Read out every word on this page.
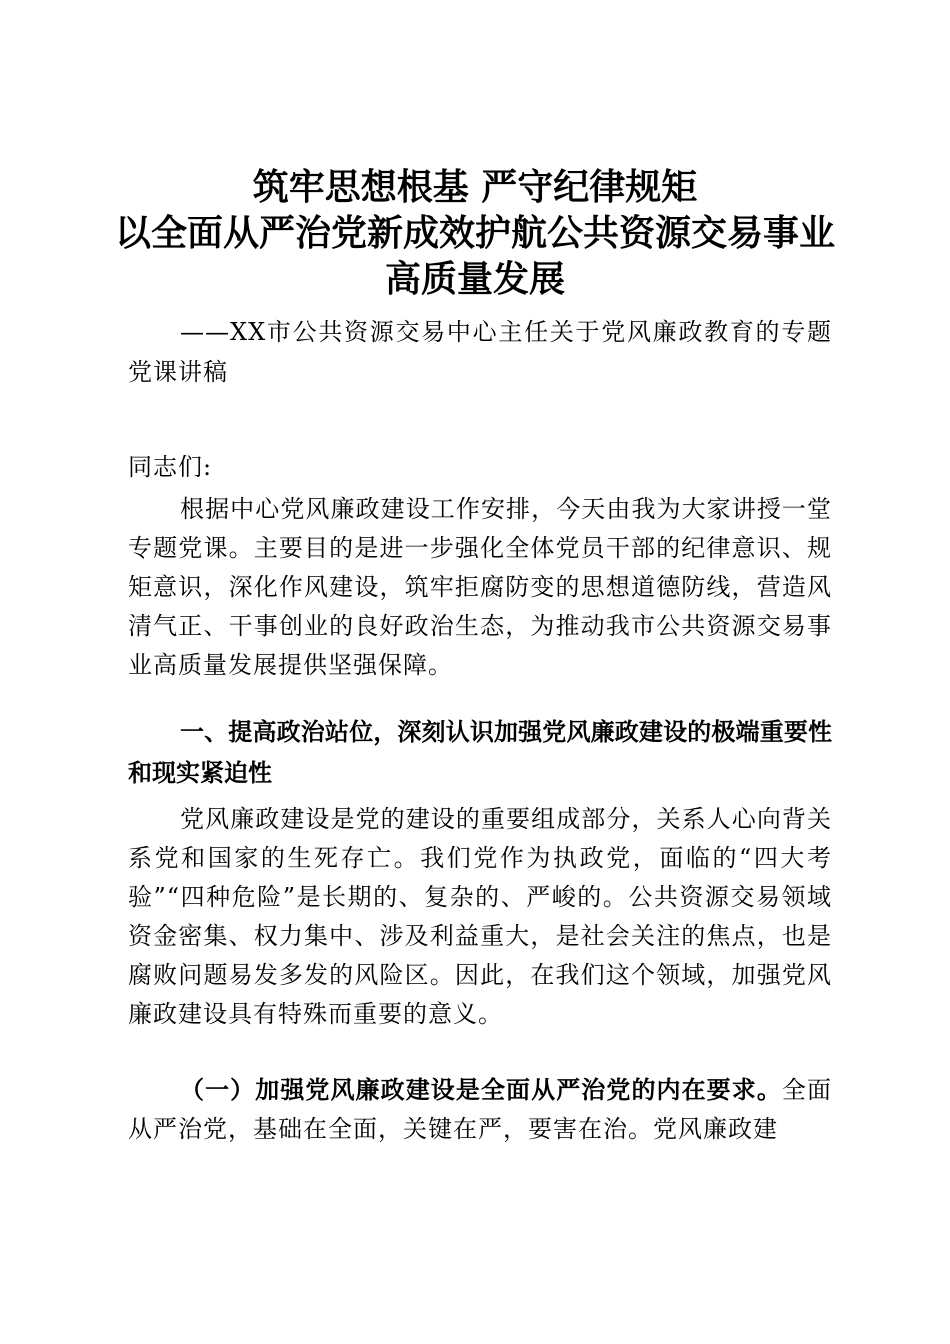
筑牢思想根基 严守纪律规矩
以全面从严治党新成效护航公共资源交易事业
高质量发展
——XX市公共资源交易中心主任关于党风廉政教育的专题党课讲稿
同志们:
根据中心党风廉政建设工作安排，今天由我为大家讲授一堂专题党课。主要目的是进一步强化全体党员干部的纪律意识、规矩意识，深化作风建设，筑牢拒腐防变的思想道德防线，营造风清气正、干事创业的良好政治生态，为推动我市公共资源交易事业高质量发展提供坚强保障。
一、提高政治站位，深刻认识加强党风廉政建设的极端重要性和现实紧迫性
党风廉政建设是党的建设的重要组成部分，关系人心向背关系党和国家的生死存亡。我们党作为执政党，面临的“四大考验”“四种危险”是长期的、复杂的、严峻的。公共资源交易领域资金密集、权力集中、涉及利益重大，是社会关注的焦点，也是腐败问题易发多发的风险区。因此，在我们这个领域，加强党风廉政建设具有特殊而重要的意义。
（一）加强党风廉政建设是全面从严治党的内在要求。全面从严治党，基础在全面，关键在严，要害在治。党风廉政建
